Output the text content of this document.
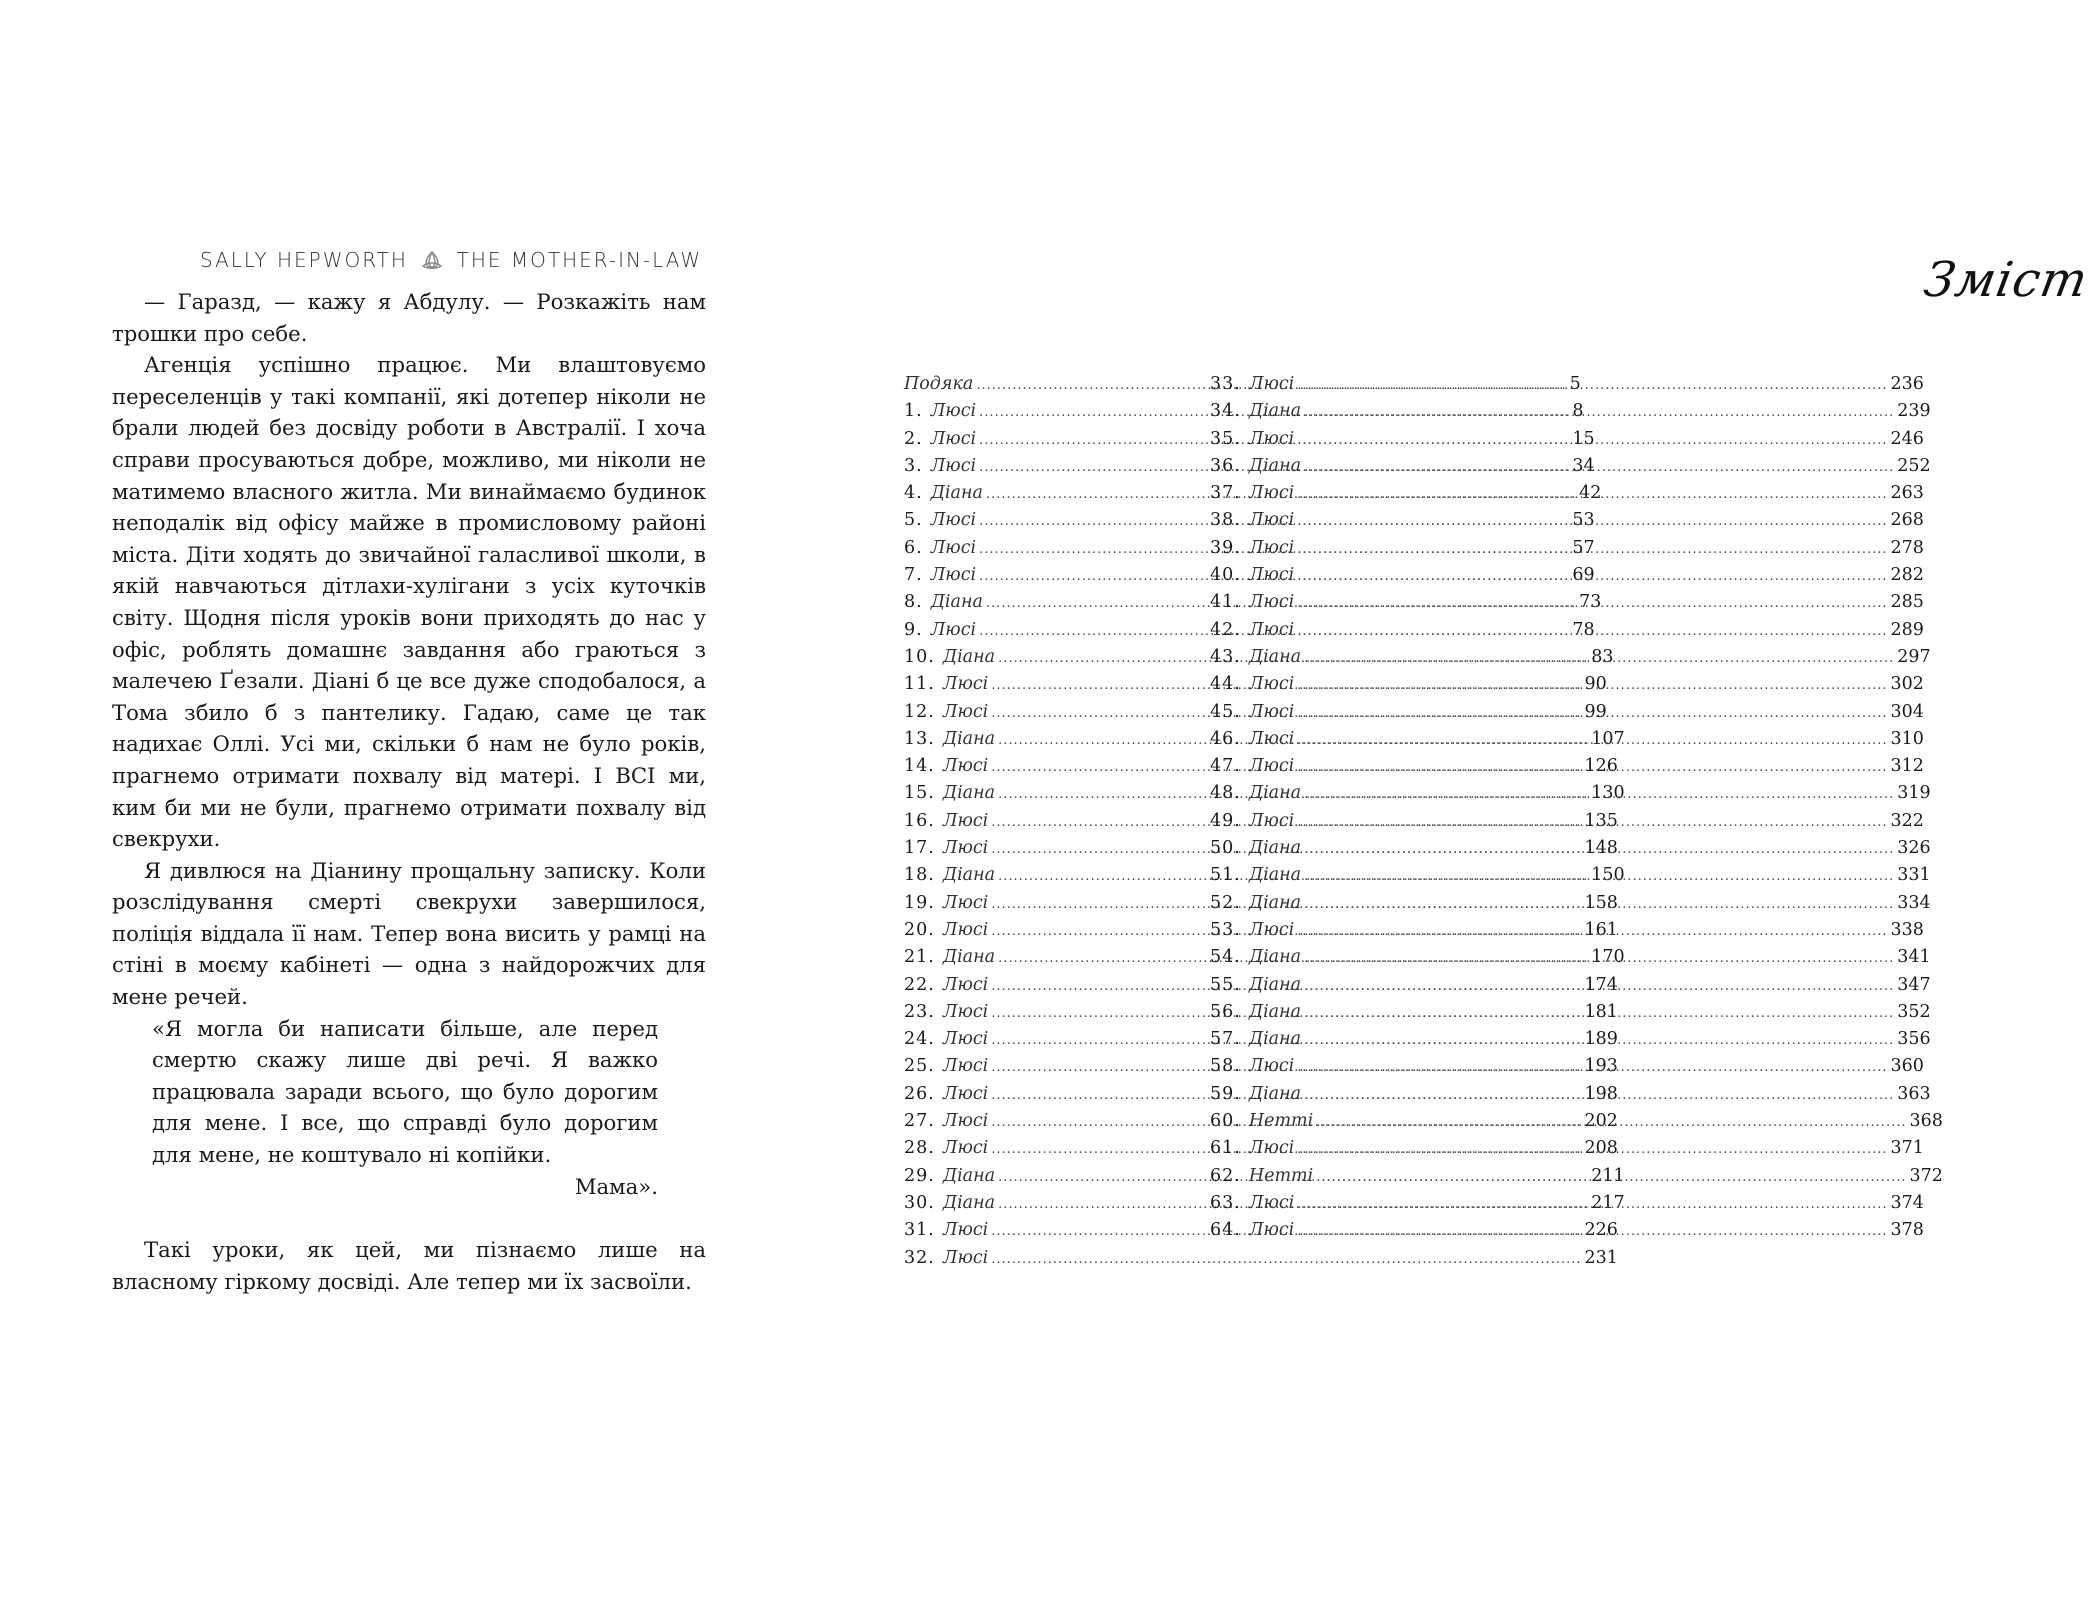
SALLY HEPWORTH THE MOTHER-IN-LAW

— Гаразд, — кажу я Абдулу. — Розкажіть нам трошки про себе.

Агенція успішно працює. Ми влаштовуємо переселенців у такі компанії, які дотепер ніколи не брали людей без досвіду роботи в Австралії. І хоча справи просуваються добре, можливо, ми ніколи не матимемо власного житла. Ми винаймаємо будинок неподалік від офісу майже в промисловому районі міста. Діти ходять до звичайної галасливої школи, в якій навчаються дітлахи-хулігани з усіх куточків світу. Щодня після уроків вони приходять до нас у офіс, роблять домашнє завдання або граються з малечею Ґезали. Діані б це все дуже сподобалося, а Тома збило б з пантелику. Гадаю, саме це так надихає Оллі. Усі ми, скільки б нам не було років, прагнемо отримати похвалу від матері. І ВСІ ми, ким би ми не були, прагнемо отримати похвалу від свекрухи.

Я дивлюся на Діанину прощальну записку. Коли розслідування смерті свекрухи завершилося, поліція віддала її нам. Тепер вона висить у рамці на стіні в моєму кабінеті — одна з найдорожчих для мене речей.

«Я могла би написати більше, але перед смертю скажу лише дві речі. Я важко працювала заради всього, що було дорогим для мене. І все, що справді було дорогим для мене, не коштувало ні копійки.

Мама».

Такі уроки, як цей, ми пізнаємо лише на власному гіркому досвіді. Але тепер ми їх засвоїли.

Зміст
Подяка .....	5
1. Люсі .....	8
2. Люсі .....	15
3. Люсі .....	34
4. Діана .....	42
5. Люсі .....	53
6. Люсі .....	57
7. Люсі .....	69
8. Діана .....	73
9. Люсі .....	78
10. Діана .....	83
11. Люсі .....	90
12. Люсі .....	99
13. Діана .....	107
14. Люсі .....	126
15. Діана .....	130
16. Люсі .....	135
17. Люсі .....	148
18. Діана .....	150
19. Люсі .....	158
20. Люсі .....	161
21. Діана .....	170
22. Люсі .....	174
23. Люсі .....	181
24. Люсі .....	189
25. Люсі .....	193
26. Люсі .....	198
27. Люсі .....	202
28. Люсі .....	208
29. Діана .....	211
30. Діана .....	217
31. Люсі .....	226
32. Люсі .....	231
33. Люсі .....	236
34. Діана .....	239
35. Люсі .....	246
36. Діана .....	252
37. Люсі .....	263
38. Люсі .....	268
39. Люсі .....	278
40. Люсі .....	282
41. Люсі .....	285
42. Люсі .....	289
43. Діана .....	297
44. Люсі .....	302
45. Люсі .....	304
46. Люсі .....	310
47. Люсі .....	312
48. Діана .....	319
49. Люсі .....	322
50. Діана .....	326
51. Діана .....	331
52. Діана .....	334
53. Люсі .....	338
54. Діана .....	341
55. Діана .....	347
56. Діана .....	352
57. Діана .....	356
58. Люсі .....	360
59. Діана .....	363
60. Нетті .....	368
61. Люсі .....	371
62. Нетті .....	372
63. Люсі .....	374
64. Люсі .....	378
